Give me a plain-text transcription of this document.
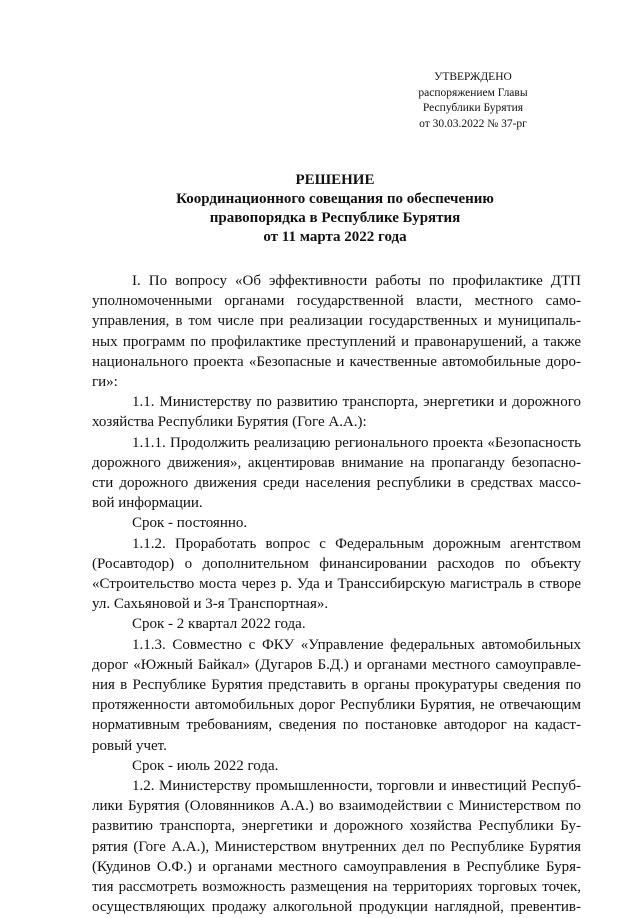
УТВЕРЖДЕНО
распоряжением Главы
Республики Бурятия
от 30.03.2022 № 37-рг
РЕШЕНИЕ
Координационного совещания по обеспечению
правопорядка в Республике Бурятия
от 11 марта 2022 года
I. По вопросу «Об эффективности работы по профилактике ДТП
уполномоченными органами государственной власти, местного само-
управления, в том числе при реализации государственных и муниципаль-
ных программ по профилактике преступлений и правонарушений, а также
национального проекта «Безопасные и качественные автомобильные доро-
ги»:
1.1. Министерству по развитию транспорта, энергетики и дорожного
хозяйства Республики Бурятия (Гоге А.А.):
1.1.1. Продолжить реализацию регионального проекта «Безопасность
дорожного движения», акцентировав внимание на пропаганду безопасно-
сти дорожного движения среди населения республики в средствах массо-
вой информации.
Срок - постоянно.
1.1.2. Проработать вопрос с Федеральным дорожным агентством
(Росавтодор) о дополнительном финансировании расходов по объекту
«Строительство моста через р. Уда и Транссибирскую магистраль в створе
ул. Сахьяновой и 3-я Транспортная».
Срок - 2 квартал 2022 года.
1.1.3. Совместно с ФКУ «Управление федеральных автомобильных
дорог «Южный Байкал» (Дугаров Б.Д.) и органами местного самоуправле-
ния в Республике Бурятия представить в органы прокуратуры сведения по
протяженности автомобильных дорог Республики Бурятия, не отвечающим
нормативным требованиям, сведения по постановке автодорог на кадаст-
ровый учет.
Срок - июль 2022 года.
1.2. Министерству промышленности, торговли и инвестиций Респуб-
лики Бурятия (Оловянников А.А.) во взаимодействии с Министерством по
развитию транспорта, энергетики и дорожного хозяйства Республики Бу-
рятия (Гоге А.А.), Министерством внутренних дел по Республике Бурятия
(Кудинов О.Ф.) и органами местного самоуправления в Республике Буря-
тия рассмотреть возможность размещения на территориях торговых точек,
осуществляющих продажу алкогольной продукции наглядной, превентив-
